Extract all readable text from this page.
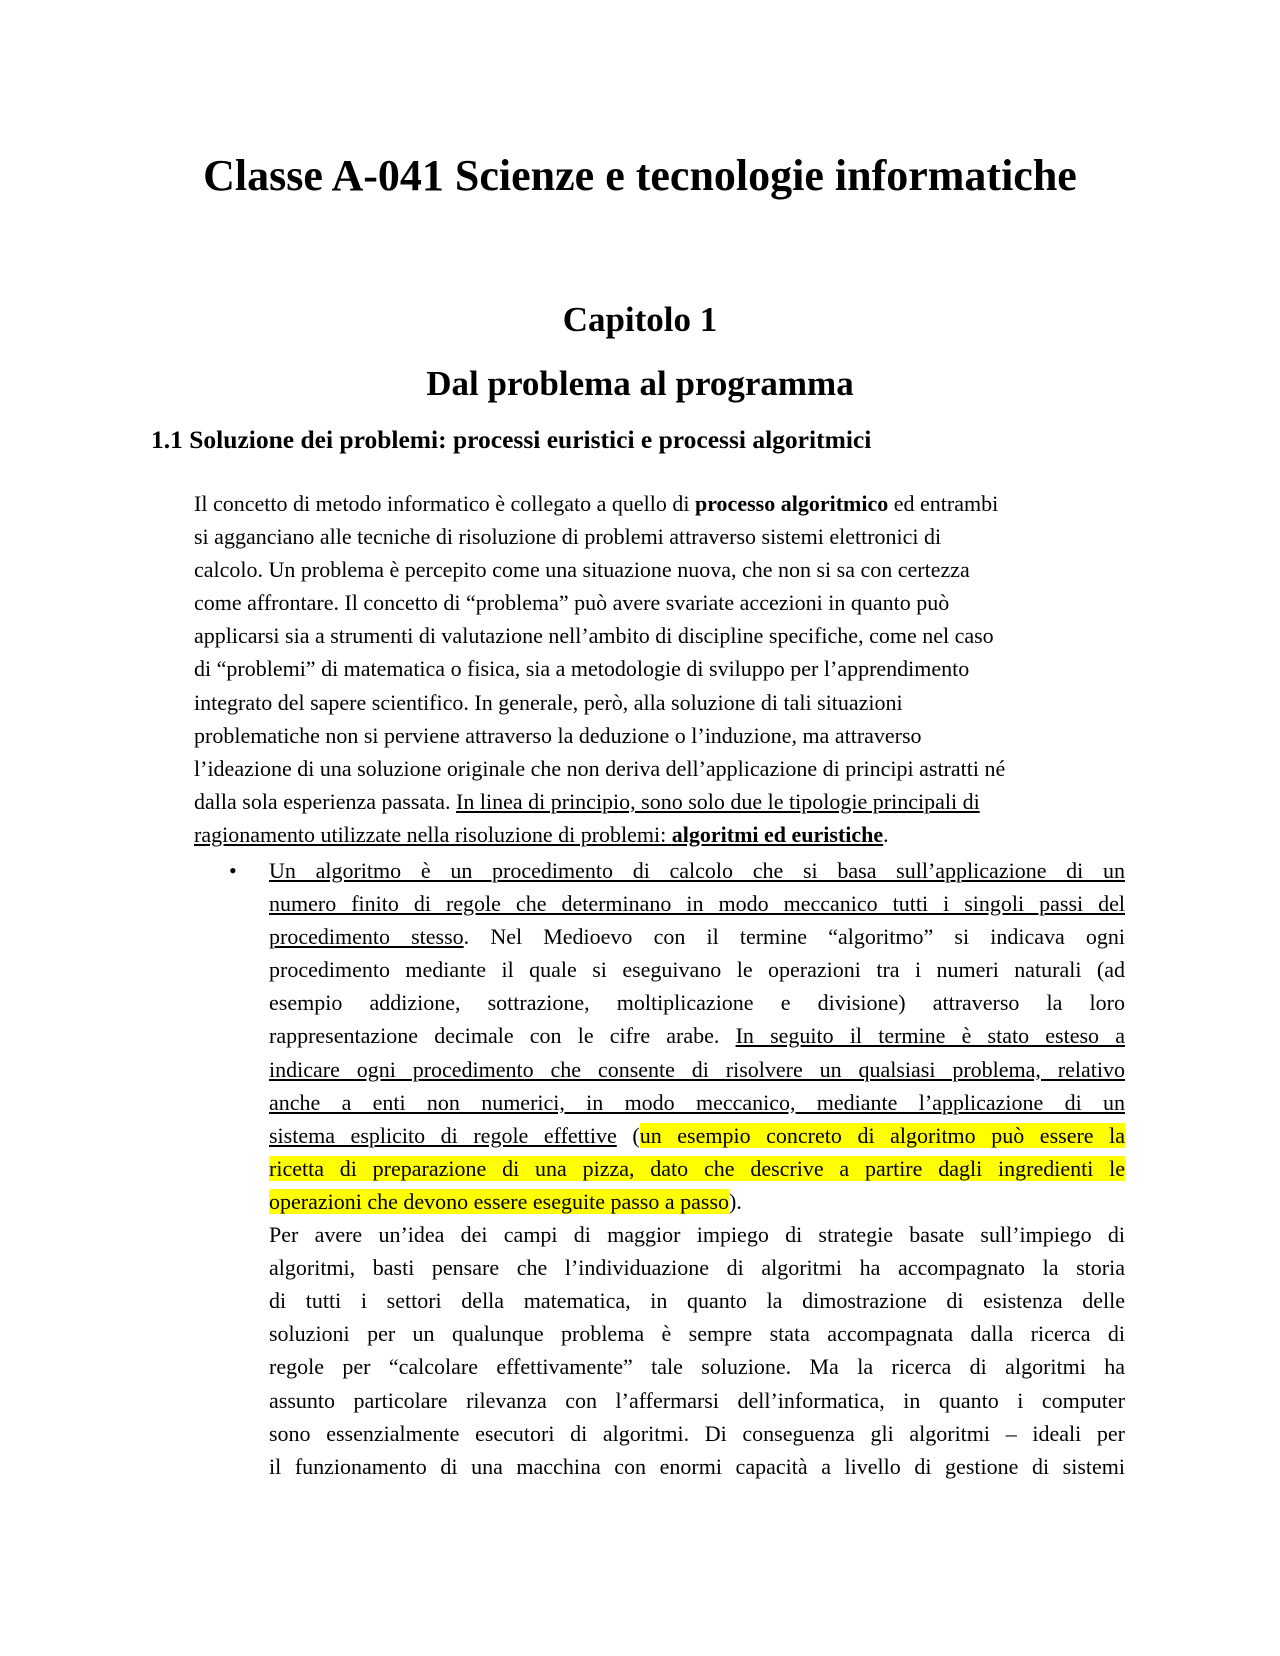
Classe A-041 Scienze e tecnologie informatiche
Capitolo 1
Dal problema al programma
1.1 Soluzione dei problemi: processi euristici e processi algoritmici
Il concetto di metodo informatico è collegato a quello di processo algoritmico ed entrambi
si agganciano alle tecniche di risoluzione di problemi attraverso sistemi elettronici di
calcolo. Un problema è percepito come una situazione nuova, che non si sa con certezza
come affrontare. Il concetto di “problema” può avere svariate accezioni in quanto può
applicarsi sia a strumenti di valutazione nell’ambito di discipline specifiche, come nel caso
di “problemi” di matematica o fisica, sia a metodologie di sviluppo per l’apprendimento
integrato del sapere scientifico. In generale, però, alla soluzione di tali situazioni
problematiche non si perviene attraverso la deduzione o l’induzione, ma attraverso
l’ideazione di una soluzione originale che non deriva dell’applicazione di principi astratti né
dalla sola esperienza passata. In linea di principio, sono solo due le tipologie principali di
ragionamento utilizzate nella risoluzione di problemi: algoritmi ed euristiche.
• Un algoritmo è un procedimento di calcolo che si basa sull’applicazione di un
numero finito di regole che determinano in modo meccanico tutti i singoli passi del
procedimento stesso. Nel Medioevo con il termine “algoritmo” si indicava ogni
procedimento mediante il quale si eseguivano le operazioni tra i numeri naturali (ad
esempio addizione, sottrazione, moltiplicazione e divisione) attraverso la loro
rappresentazione decimale con le cifre arabe. In seguito il termine è stato esteso a
indicare ogni procedimento che consente di risolvere un qualsiasi problema, relativo
anche a enti non numerici, in modo meccanico, mediante l’applicazione di un
sistema esplicito di regole effettive (un esempio concreto di algoritmo può essere la
ricetta di preparazione di una pizza, dato che descrive a partire dagli ingredienti le
operazioni che devono essere eseguite passo a passo).
Per avere un’idea dei campi di maggior impiego di strategie basate sull’impiego di
algoritmi, basti pensare che l’individuazione di algoritmi ha accompagnato la storia
di tutti i settori della matematica, in quanto la dimostrazione di esistenza delle
soluzioni per un qualunque problema è sempre stata accompagnata dalla ricerca di
regole per “calcolare effettivamente” tale soluzione. Ma la ricerca di algoritmi ha
assunto particolare rilevanza con l’affermarsi dell’informatica, in quanto i computer
sono essenzialmente esecutori di algoritmi. Di conseguenza gli algoritmi – ideali per
il funzionamento di una macchina con enormi capacità a livello di gestione di sistemi
